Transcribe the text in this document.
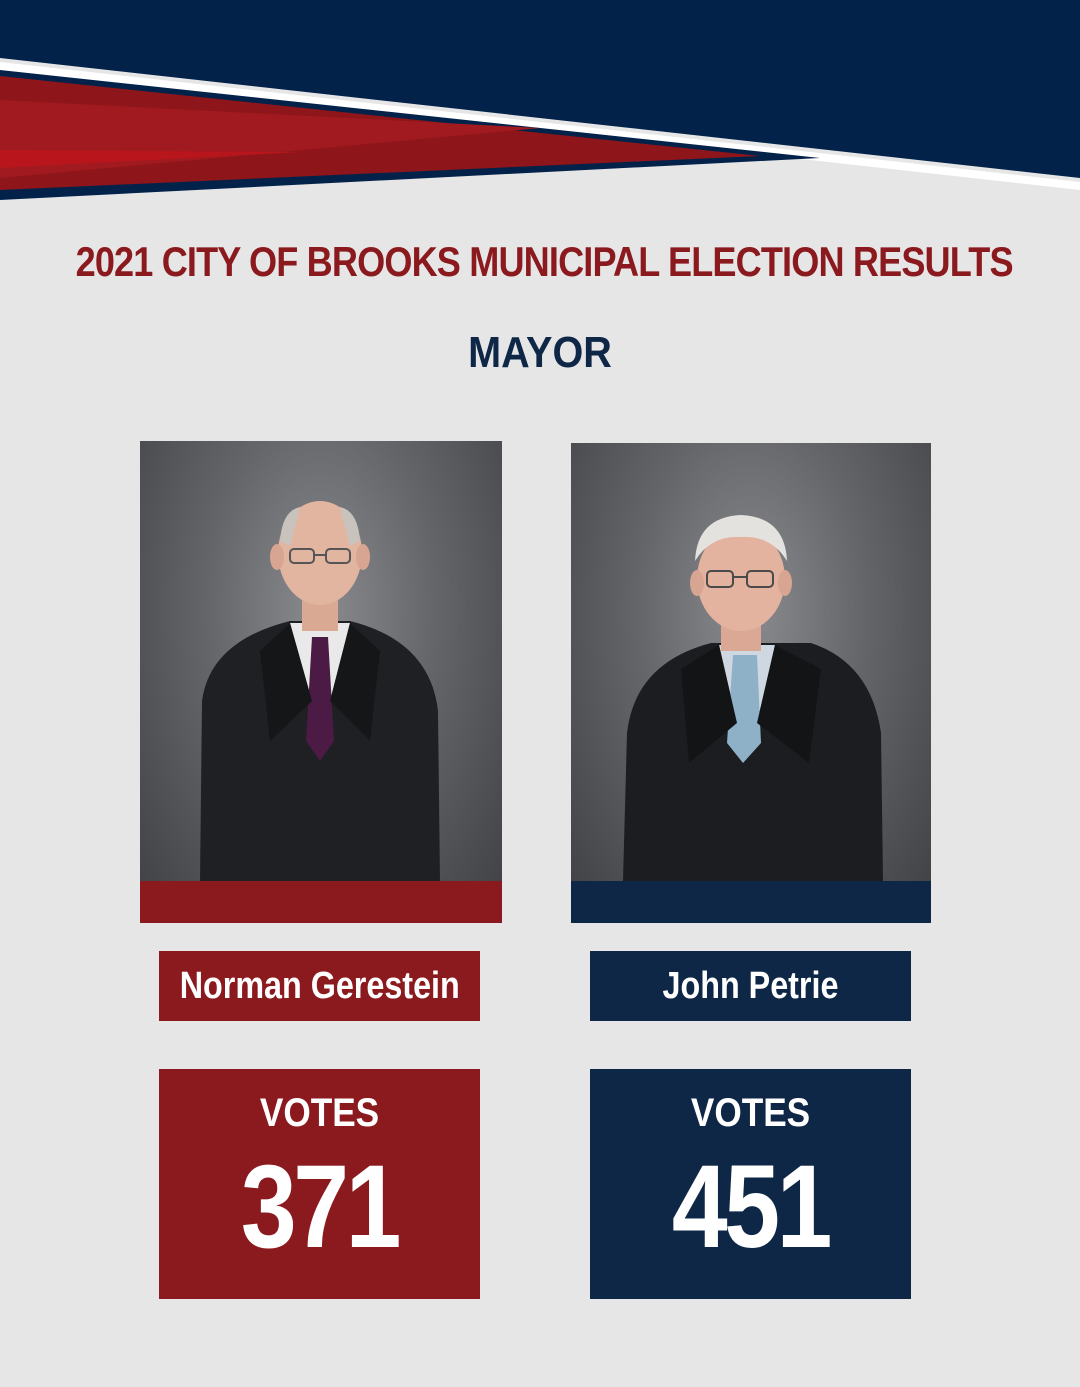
2021 CITY OF BROOKS MUNICIPAL ELECTION RESULTS
MAYOR
Norman Gerestein	John Petrie
VOTES
371
VOTES
451
